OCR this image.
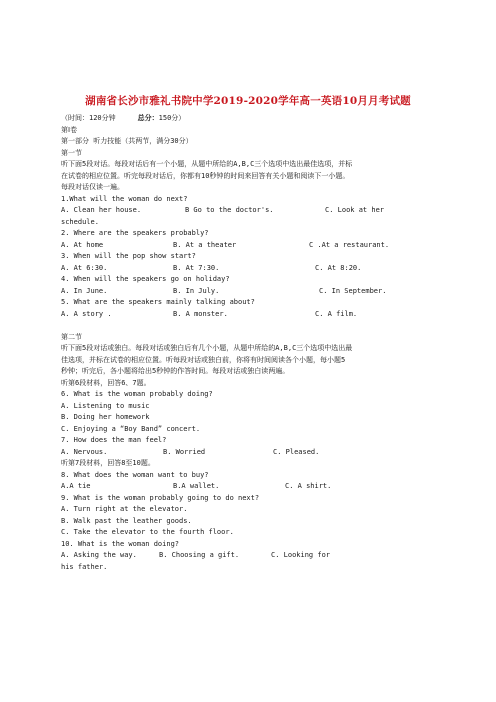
湖南省长沙市雅礼书院中学2019-2020学年高一英语10月月考试题
（时间：120分钟	总分：150分）
第Ⅰ卷
第一部分 听力技能（共两节，满分30分）
第一节
听下面5段对话。每段对话后有一个小题，从题中所给的A,B,C三个选项中选出最佳选项，并标
在试卷的相应位置。听完每段对话后，你都有10秒钟的时间来回答有关小题和阅读下一小题。
每段对话仅读一遍。
1.What will the woman do next?
A. Clean her house.	B Go to the doctor's.	C. Look at her
schedule.
2. Where are the speakers probably?
A. At home	B. At a theater	C .At a restaurant.
3. When will the pop show start?
A. At 6:30.	B. At 7:30.	C. At 8:20.
4. When will the speakers go on holiday?
A. In June.	B. In July.	C. In September.
5. What are the speakers mainly talking about?
A. A story .	B. A monster.	C. A film.
第二节
听下面5段对话或独白。每段对话或独白后有几个小题，从题中所给的A,B,C三个选项中选出最
佳选项，并标在试卷的相应位置。听每段对话或独白前，你将有时间阅读各个小题，每小题5
秒钟；听完后，各小题将给出5秒钟的作答时间。每段对话或独白读两遍。
听第6段材料，回答6、7题。
6. What is the woman probably doing?
A. Listening to music
B. Doing her homework
C. Enjoying a “Boy Band” concert.
7. How does the man feel?
A. Nervous.	B. Worried	C. Pleased.
听第7段材料，回答8至10题。
8. What does the woman want to buy?
A.A tie	B.A wallet.	C. A shirt.
9. What is the woman probably going to do next?
A. Turn right at the elevator.
B. Walk past the leather goods.
C. Take the elevator to the fourth floor.
10. What is the woman doing?
A. Asking the way.	B. Choosing a gift.	C. Looking for
his father.
